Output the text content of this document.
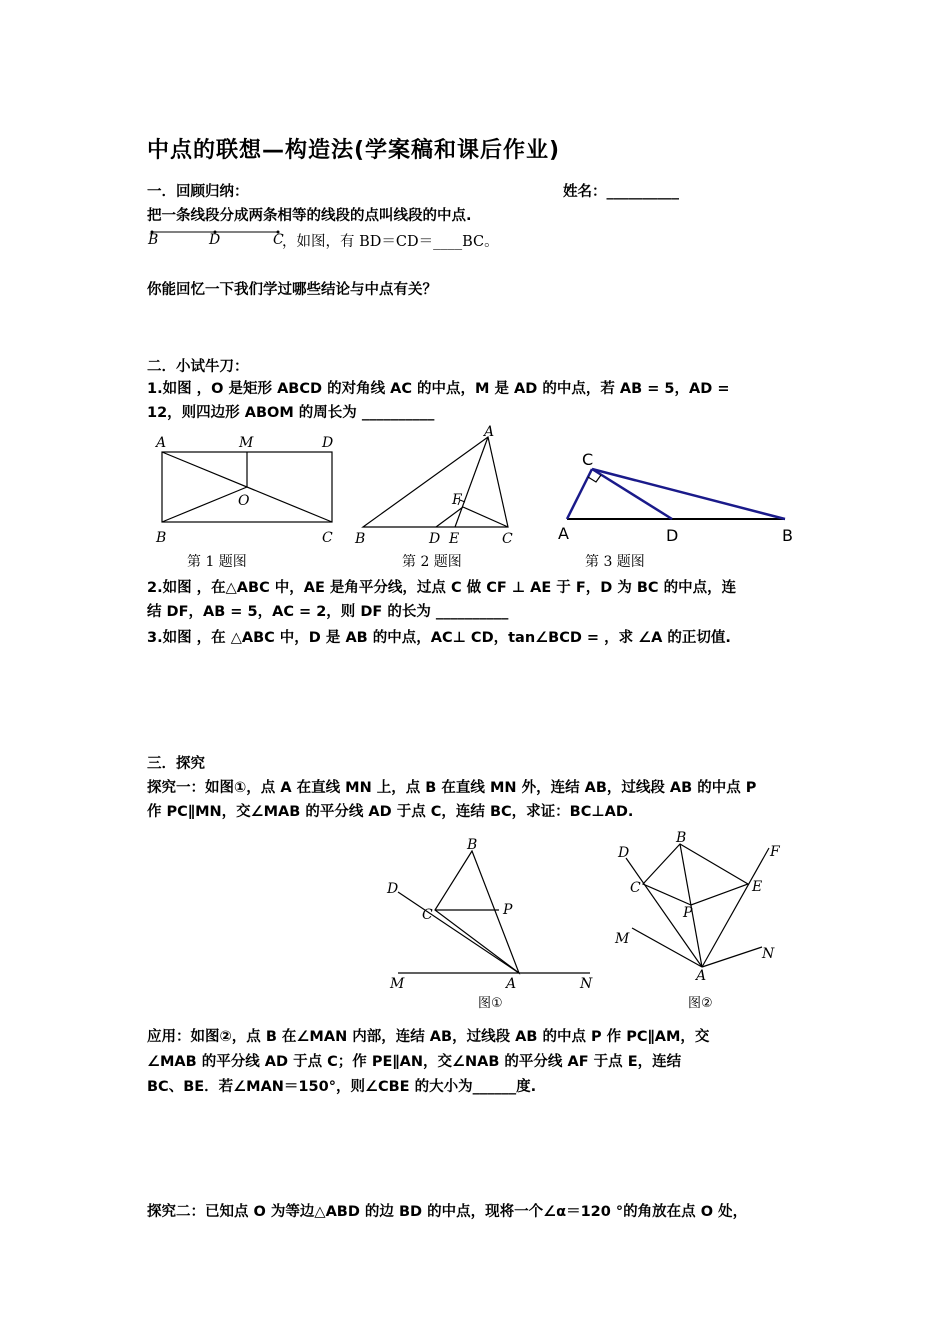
中点的联想—构造法(学案稿和课后作业)
一．回顾归纳：	姓名：__________
把一条线段分成两条相等的线段的点叫线段的中点.
B	D	C
，如图，有 BD＝CD＝____BC。
你能回忆一下我们学过哪些结论与中点有关？
二．小试牛刀：
1.如图 ，O 是矩形 ABCD 的对角线 AC 的中点，M 是 AD 的中点，若 AB = 5，AD =
12，则四边形 ABOM 的周长为 __________
A	M	D
O
B	C
第 1 题图
A
F
B	D E	C
第 2 题图
C
A	D	B
第 3 题图
2.如图 ，在△ABC 中，AE 是角平分线，过点 C 做 CF ⊥ AE 于 F，D 为 BC 的中点，连
结 DF，AB = 5，AC = 2，则 DF 的长为 __________
3.如图 ，在 △ABC 中，D 是 AB 的中点，AC⊥ CD，tan∠BCD = ，求 ∠A 的正切值.
三．探究
探究一：如图①，点 A 在直线 MN 上，点 B 在直线 MN 外，连结 AB，过线段 AB 的中点 P
作 PC∥MN，交∠MAB 的平分线 AD 于点 C，连结 BC，求证：BC⊥AD.
B
D
C	P
M	A	N
图①
B
D	F
C	E
P
M
N
A
图②
应用：如图②，点 B 在∠MAN 内部，连结 AB，过线段 AB 的中点 P 作 PC∥AM，交
∠MAB 的平分线 AD 于点 C；作 PE∥AN，交∠NAB 的平分线 AF 于点 E，连结
BC、BE．若∠MAN＝150°，则∠CBE 的大小为______度.
探究二：已知点 O 为等边△ABD 的边 BD 的中点，现将一个∠α＝120 °的角放在点 O 处，
